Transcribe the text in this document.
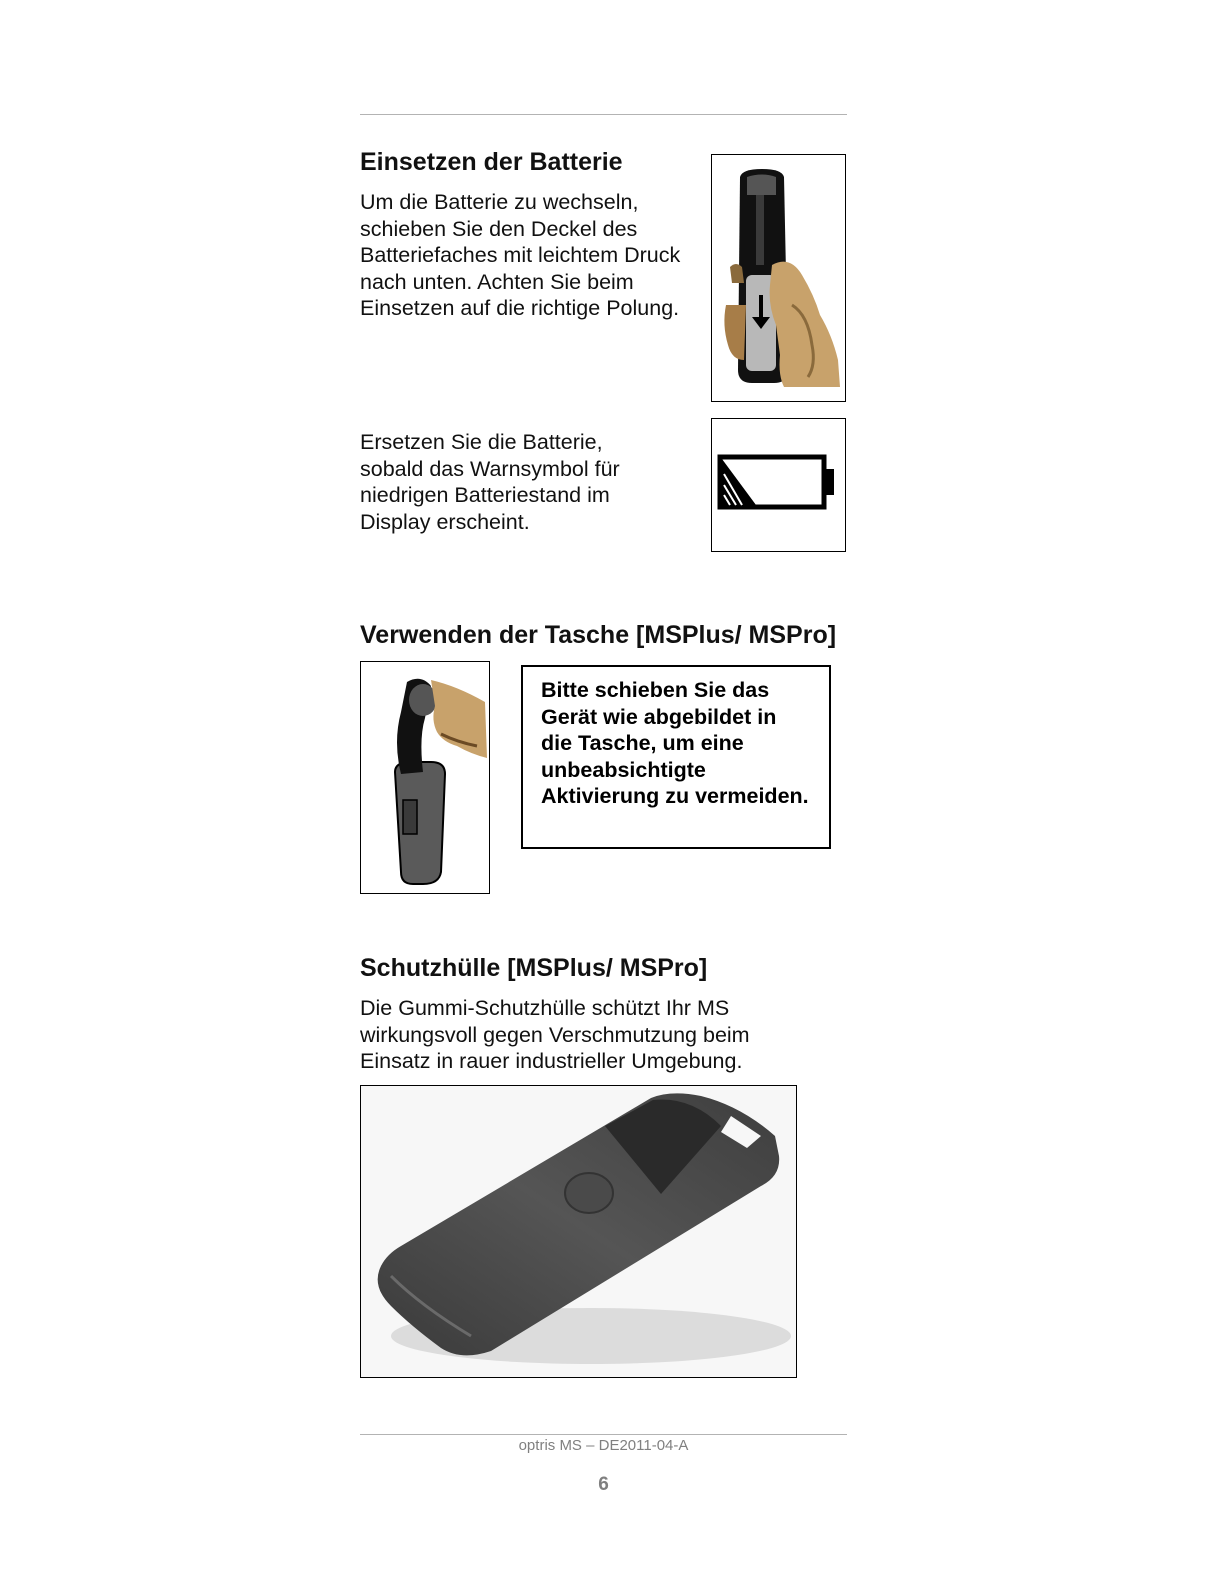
Einsetzen der Batterie

Um die Batterie zu wechseln, schieben Sie den Deckel des Batteriefaches mit leichtem Druck nach unten. Achten Sie beim Einsetzen auf die richtige Polung.

Ersetzen Sie die Batterie, sobald das Warnsymbol für niedrigen Batteriestand im Display erscheint.

Verwenden der Tasche [MSPlus/ MSPro]
Bitte schieben Sie das Gerät wie abgebildet in die Tasche, um eine unbeabsichtigte Aktivierung zu vermeiden.
Schutzhülle [MSPlus/ MSPro]

Die Gummi-Schutzhülle schützt Ihr MS wirkungsvoll gegen Verschmutzung beim Einsatz in rauer industrieller Umgebung.

optris MS – DE2011-04-A
6
